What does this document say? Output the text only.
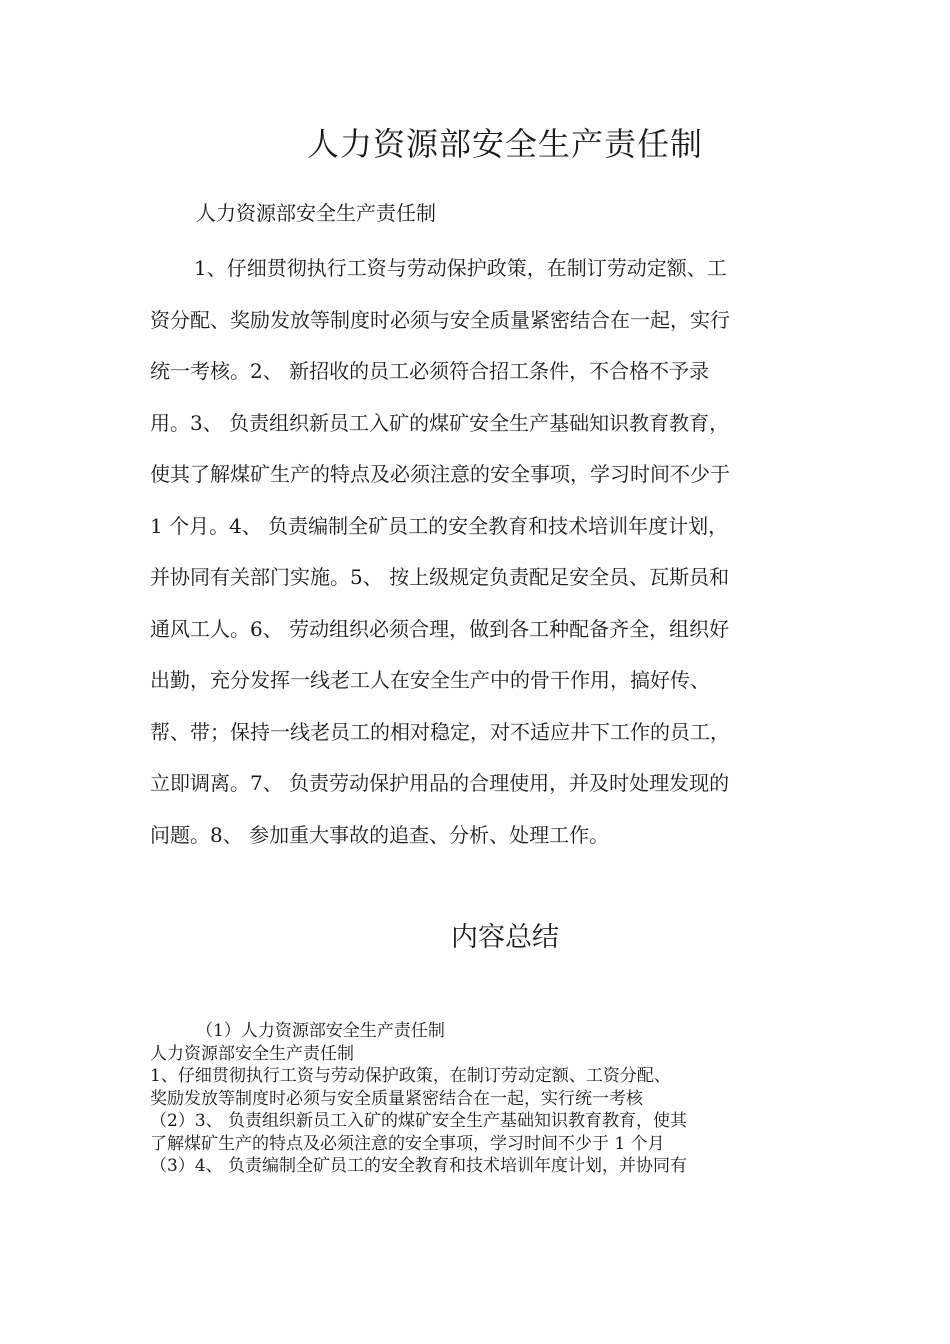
人力资源部安全生产责任制
人力资源部安全生产责任制
1、仔细贯彻执行工资与劳动保护政策，在制订劳动定额、工
资分配、奖励发放等制度时必须与安全质量紧密结合在一起，实行
统一考核。2、 新招收的员工必须符合招工条件，不合格不予录
用。3、 负责组织新员工入矿的煤矿安全生产基础知识教育教育，
使其了解煤矿生产的特点及必须注意的安全事项，学习时间不少于
1 个月。4、 负责编制全矿员工的安全教育和技术培训年度计划，
并协同有关部门实施。5、 按上级规定负责配足安全员、瓦斯员和
通风工人。6、 劳动组织必须合理，做到各工种配备齐全，组织好
出勤，充分发挥一线老工人在安全生产中的骨干作用，搞好传、
帮、带；保持一线老员工的相对稳定，对不适应井下工作的员工，
立即调离。7、 负责劳动保护用品的合理使用，并及时处理发现的
问题。8、 参加重大事故的追查、分析、处理工作。
内容总结
（1）人力资源部安全生产责任制
人力资源部安全生产责任制
1、仔细贯彻执行工资与劳动保护政策，在制订劳动定额、工资分配、
奖励发放等制度时必须与安全质量紧密结合在一起，实行统一考核
（2）3、 负责组织新员工入矿的煤矿安全生产基础知识教育教育，使其
了解煤矿生产的特点及必须注意的安全事项，学习时间不少于 1 个月
（3）4、 负责编制全矿员工的安全教育和技术培训年度计划，并协同有
